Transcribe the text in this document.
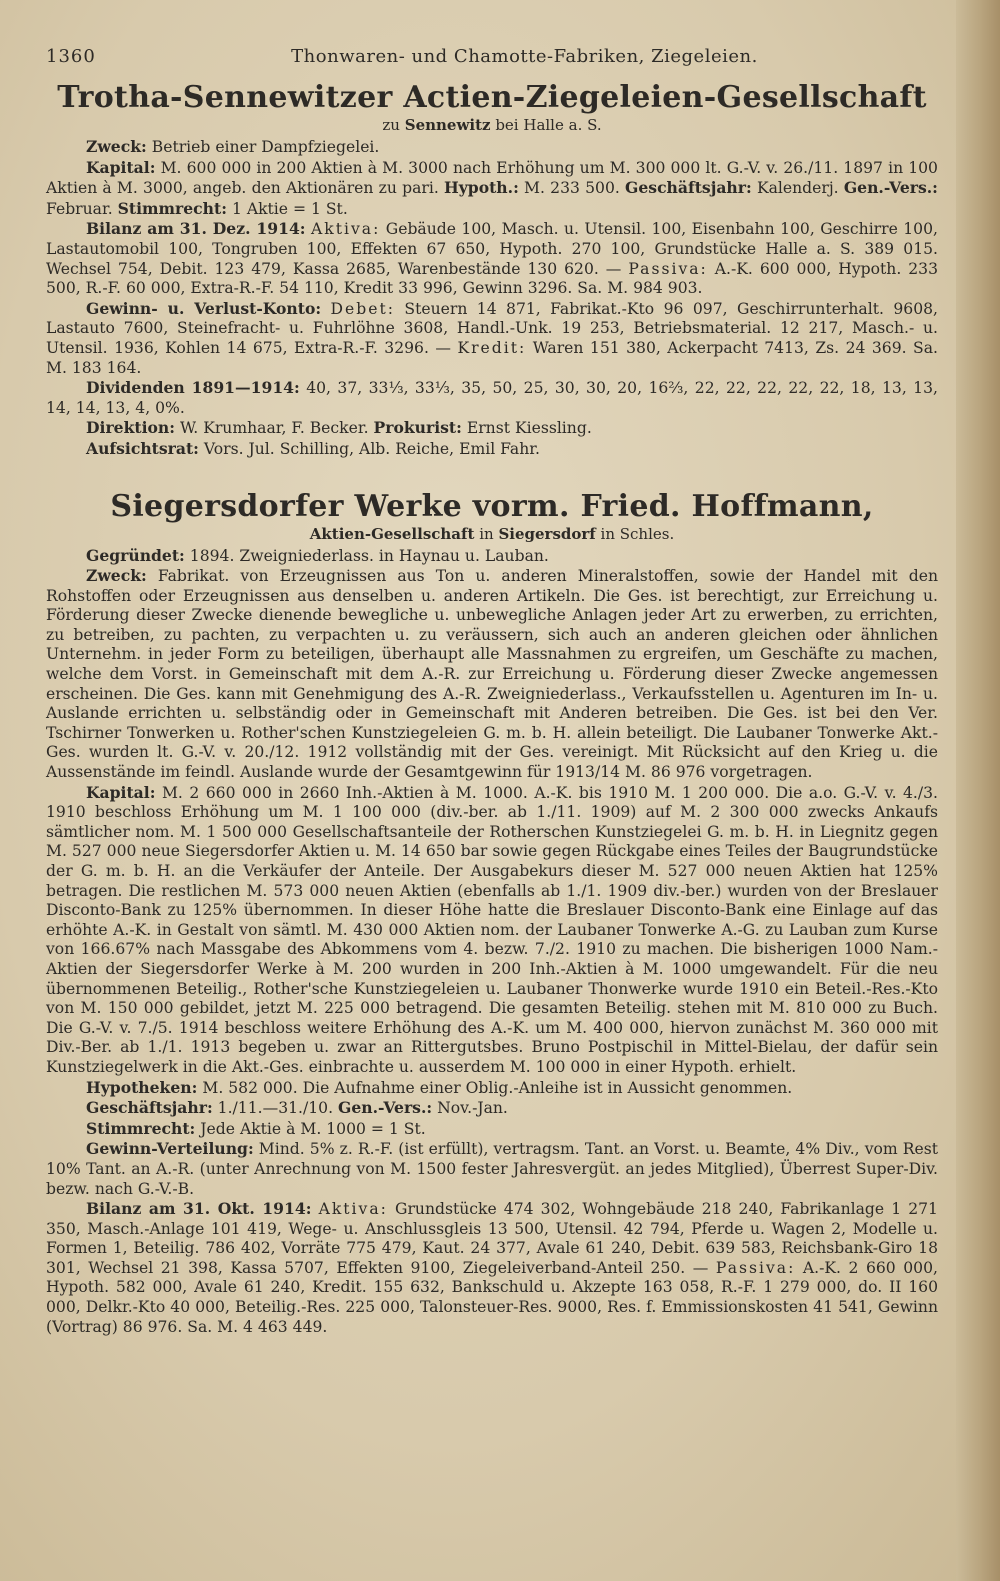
1360	Thonwaren- und Chamotte-Fabriken, Ziegeleien.
Trotha-Sennewitzer Actien-Ziegeleien-Gesellschaft
zu Sennewitz bei Halle a. S.

Zweck: Betrieb einer Dampfziegelei.

Kapital: M. 600 000 in 200 Aktien à M. 3000 nach Erhöhung um M. 300 000 lt. G.-V. v. 26./11. 1897 in 100 Aktien à M. 3000, angeb. den Aktionären zu pari. Hypoth.: M. 233 500. Geschäftsjahr: Kalenderj. Gen.-Vers.: Februar. Stimmrecht: 1 Aktie = 1 St.

Bilanz am 31. Dez. 1914: Aktiva: Gebäude 100, Masch. u. Utensil. 100, Eisenbahn 100, Geschirre 100, Lastautomobil 100, Tongruben 100, Effekten 67 650, Hypoth. 270 100, Grundstücke Halle a. S. 389 015. Wechsel 754, Debit. 123 479, Kassa 2685, Warenbestände 130 620. — Passiva: A.-K. 600 000, Hypoth. 233 500, R.-F. 60 000, Extra-R.-F. 54 110, Kredit 33 996, Gewinn 3296. Sa. M. 984 903.

Gewinn- u. Verlust-Konto: Debet: Steuern 14 871, Fabrikat.-Kto 96 097, Geschirrunterhalt. 9608, Lastauto 7600, Steinefracht- u. Fuhrlöhne 3608, Handl.-Unk. 19 253, Betriebsmaterial. 12 217, Masch.- u. Utensil. 1936, Kohlen 14 675, Extra-R.-F. 3296. — Kredit: Waren 151 380, Ackerpacht 7413, Zs. 24 369. Sa. M. 183 164.

Dividenden 1891—1914: 40, 37, 33⅓, 33⅓, 35, 50, 25, 30, 30, 20, 16⅔, 22, 22, 22, 22, 22, 18, 13, 13, 14, 14, 13, 4, 0%.

Direktion: W. Krumhaar, F. Becker. Prokurist: Ernst Kiessling.

Aufsichtsrat: Vors. Jul. Schilling, Alb. Reiche, Emil Fahr.

Siegersdorfer Werke vorm. Fried. Hoffmann,
Aktien-Gesellschaft in Siegersdorf in Schles.

Gegründet: 1894. Zweigniederlass. in Haynau u. Lauban.

Zweck: Fabrikat. von Erzeugnissen aus Ton u. anderen Mineralstoffen, sowie der Handel mit den Rohstoffen oder Erzeugnissen aus denselben u. anderen Artikeln. Die Ges. ist berechtigt, zur Erreichung u. Förderung dieser Zwecke dienende bewegliche u. unbewegliche Anlagen jeder Art zu erwerben, zu errichten, zu betreiben, zu pachten, zu verpachten u. zu veräussern, sich auch an anderen gleichen oder ähnlichen Unternehm. in jeder Form zu beteiligen, überhaupt alle Massnahmen zu ergreifen, um Geschäfte zu machen, welche dem Vorst. in Gemeinschaft mit dem A.-R. zur Erreichung u. Förderung dieser Zwecke angemessen erscheinen. Die Ges. kann mit Genehmigung des A.-R. Zweigniederlass., Verkaufsstellen u. Agenturen im In- u. Auslande errichten u. selbständig oder in Gemeinschaft mit Anderen betreiben. Die Ges. ist bei den Ver. Tschirner Tonwerken u. Rother'schen Kunstziegeleien G. m. b. H. allein beteiligt. Die Laubaner Tonwerke Akt.-Ges. wurden lt. G.-V. v. 20./12. 1912 vollständig mit der Ges. vereinigt. Mit Rücksicht auf den Krieg u. die Aussenstände im feindl. Auslande wurde der Gesamtgewinn für 1913/14 M. 86 976 vorgetragen.

Kapital: M. 2 660 000 in 2660 Inh.-Aktien à M. 1000. A.-K. bis 1910 M. 1 200 000. Die a.o. G.-V. v. 4./3. 1910 beschloss Erhöhung um M. 1 100 000 (div.-ber. ab 1./11. 1909) auf M. 2 300 000 zwecks Ankaufs sämtlicher nom. M. 1 500 000 Gesellschaftsanteile der Rotherschen Kunstziegelei G. m. b. H. in Liegnitz gegen M. 527 000 neue Siegersdorfer Aktien u. M. 14 650 bar sowie gegen Rückgabe eines Teiles der Baugrundstücke der G. m. b. H. an die Verkäufer der Anteile. Der Ausgabekurs dieser M. 527 000 neuen Aktien hat 125% betragen. Die restlichen M. 573 000 neuen Aktien (ebenfalls ab 1./1. 1909 div.-ber.) wurden von der Breslauer Disconto-Bank zu 125% übernommen. In dieser Höhe hatte die Breslauer Disconto-Bank eine Einlage auf das erhöhte A.-K. in Gestalt von sämtl. M. 430 000 Aktien nom. der Laubaner Tonwerke A.-G. zu Lauban zum Kurse von 166.67% nach Massgabe des Abkommens vom 4. bezw. 7./2. 1910 zu machen. Die bisherigen 1000 Nam.-Aktien der Siegersdorfer Werke à M. 200 wurden in 200 Inh.-Aktien à M. 1000 umgewandelt. Für die neu übernommenen Beteilig., Rother'sche Kunstziegeleien u. Laubaner Thonwerke wurde 1910 ein Beteil.-Res.-Kto von M. 150 000 gebildet, jetzt M. 225 000 betragend. Die gesamten Beteilig. stehen mit M. 810 000 zu Buch. Die G.-V. v. 7./5. 1914 beschloss weitere Erhöhung des A.-K. um M. 400 000, hiervon zunächst M. 360 000 mit Div.-Ber. ab 1./1. 1913 begeben u. zwar an Rittergutsbes. Bruno Postpischil in Mittel-Bielau, der dafür sein Kunstziegelwerk in die Akt.-Ges. einbrachte u. ausserdem M. 100 000 in einer Hypoth. erhielt.

Hypotheken: M. 582 000. Die Aufnahme einer Oblig.-Anleihe ist in Aussicht genommen.

Geschäftsjahr: 1./11.—31./10. Gen.-Vers.: Nov.-Jan.

Stimmrecht: Jede Aktie à M. 1000 = 1 St.

Gewinn-Verteilung: Mind. 5% z. R.-F. (ist erfüllt), vertragsm. Tant. an Vorst. u. Beamte, 4% Div., vom Rest 10% Tant. an A.-R. (unter Anrechnung von M. 1500 fester Jahresvergüt. an jedes Mitglied), Überrest Super-Div. bezw. nach G.-V.-B.

Bilanz am 31. Okt. 1914: Aktiva: Grundstücke 474 302, Wohngebäude 218 240, Fabrikanlage 1 271 350, Masch.-Anlage 101 419, Wege- u. Anschlussgleis 13 500, Utensil. 42 794, Pferde u. Wagen 2, Modelle u. Formen 1, Beteilig. 786 402, Vorräte 775 479, Kaut. 24 377, Avale 61 240, Debit. 639 583, Reichsbank-Giro 18 301, Wechsel 21 398, Kassa 5707, Effekten 9100, Ziegeleiverband-Anteil 250. — Passiva: A.-K. 2 660 000, Hypoth. 582 000, Avale 61 240, Kredit. 155 632, Bankschuld u. Akzepte 163 058, R.-F. 1 279 000, do. II 160 000, Delkr.-Kto 40 000, Beteilig.-Res. 225 000, Talonsteuer-Res. 9000, Res. f. Emmissionskosten 41 541, Gewinn (Vortrag) 86 976. Sa. M. 4 463 449.
